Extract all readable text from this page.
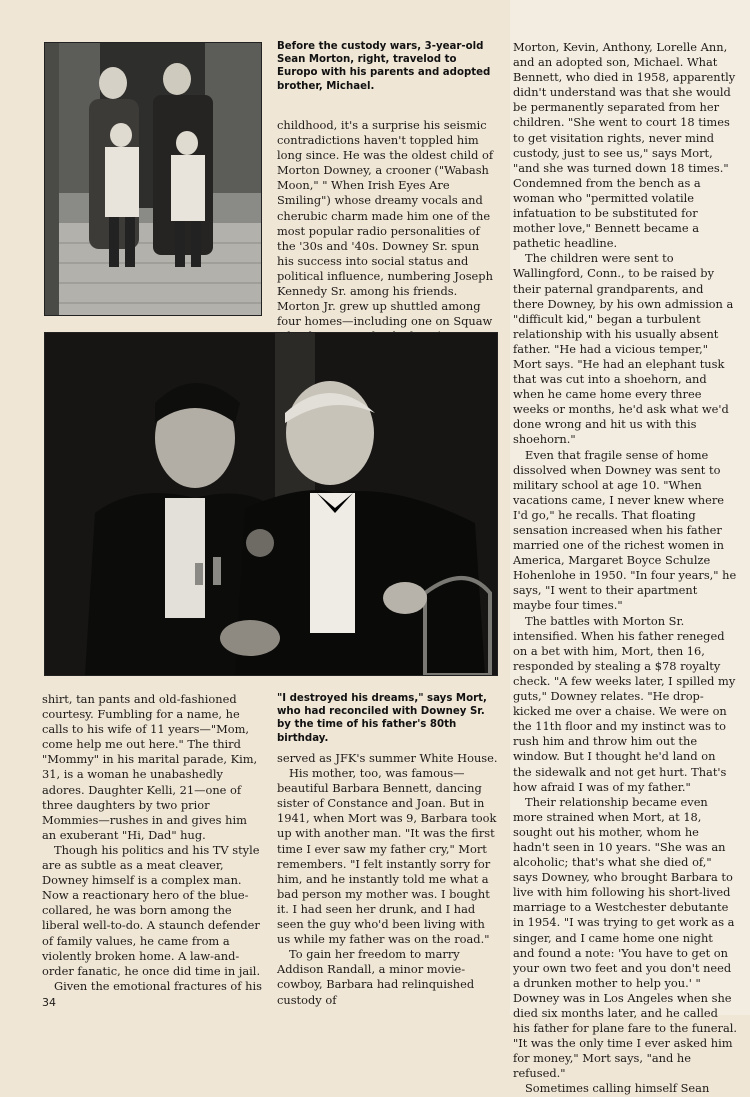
Before the custody wars, 3-year-old Sean Morton, right, travelod to Europo with his parents and adopted brother, Michael.

childhood, it's a surprise his seismic contradictions haven't toppled him long since. He was the oldest child of Morton Downey, a crooner ("Wabash Moon," " When Irish Eyes Are Smiling") whose dreamy vocals and cherubic charm made him one of the most popular radio personalities of the '30s and '40s. Downey Sr. spun his success into social status and political influence, numbering Joseph Kennedy Sr. among his friends. Morton Jr. grew up shuttled among four homes—including one on Squaw

shirt, tan pants and old-fashioned courtesy. Fumbling for a name, he calls to his wife of 11 years—"Mom, come help me out here." The third "Mommy" in his marital parade, Kim, 31, is a woman he unabashedly adores. Daughter Kelli, 21—one of three daughters by two prior Mommies—rushes in and gives him an exuberant "Hi, Dad" hug.

Though his politics and his TV style are as subtle as a meat cleaver, Downey himself is a complex man. Now a reactionary hero of the blue-collared, he was born among the liberal well-to-do. A staunch defender of family values, he came from a violently broken home. A law-and-order fanatic, he once did time in jail.

Given the emotional fractures of his

"I destroyed his dreams," says Mort, who had reconciled with Downey Sr. by the time of his father's 80th birthday.

served as JFK's summer White House.

His mother, too, was famous—beautiful Barbara Bennett, dancing sister of Constance and Joan. But in 1941, when Mort was 9, Barbara took up with another man. "It was the first time I ever saw my father cry," Mort remembers. "I felt instantly sorry for him, and he instantly told me what a bad person my mother was. I bought it. I had seen her drunk, and I had seen the guy who'd been living with us while my father was on the road."

To gain her freedom to marry Addison Randall, a minor movie-cowboy, Barbara had relinquished custody of

Morton, Kevin, Anthony, Lorelle Ann, and an adopted son, Michael. What Bennett, who died in 1958, apparently didn't understand was that she would be permanently separated from her children. "She went to court 18 times to get visitation rights, never mind custody, just to see us," says Mort, "and she was turned down 18 times." Condemned from the bench as a woman who "permitted volatile infatuation to be substituted for mother love," Bennett became a pathetic headline.

The children were sent to Wallingford, Conn., to be raised by their paternal grandparents, and there Downey, by his own admission a "difficult kid," began a turbulent relationship with his usually absent father. "He had a vicious temper," Mort says. "He had an elephant tusk that was cut into a shoehorn, and when he came home every three weeks or months, he'd ask what we'd done wrong and hit us with this shoehorn."

Even that fragile sense of home dissolved when Downey was sent to military school at age 10. "When vacations came, I never knew where I'd go," he recalls. That floating sensation increased when his father married one of the richest women in America, Margaret Boyce Schulze Hohenlohe in 1950. "In four years," he says, "I went to their apartment maybe four times."

The battles with Morton Sr. intensified. When his father reneged on a bet with him, Mort, then 16, responded by stealing a $78 royalty check. "A few weeks later, I spilled my guts," Downey relates. "He drop-kicked me over a chaise. We were on the 11th floor and my instinct was to rush him and throw him out the window. But I thought he'd land on the sidewalk and not get hurt. That's how afraid I was of my father."

Their relationship became even more strained when Mort, at 18, sought out his mother, whom he hadn't seen in 10 years. "She was an alcoholic; that's what she died of," says Downey, who brought Barbara to live with him following his short-lived marriage to a Westchester debutante in 1954. "I was trying to get work as a singer, and I came home one night and found a note: 'You have to get on your own two feet and you don't need a drunken mother to help you.' " Downey was in Los Angeles when she died six months later, and he called his father for plane fare to the funeral. "It was the only time I ever asked him for money," Mort says, "and he refused."

Sometimes calling himself Sean

34
